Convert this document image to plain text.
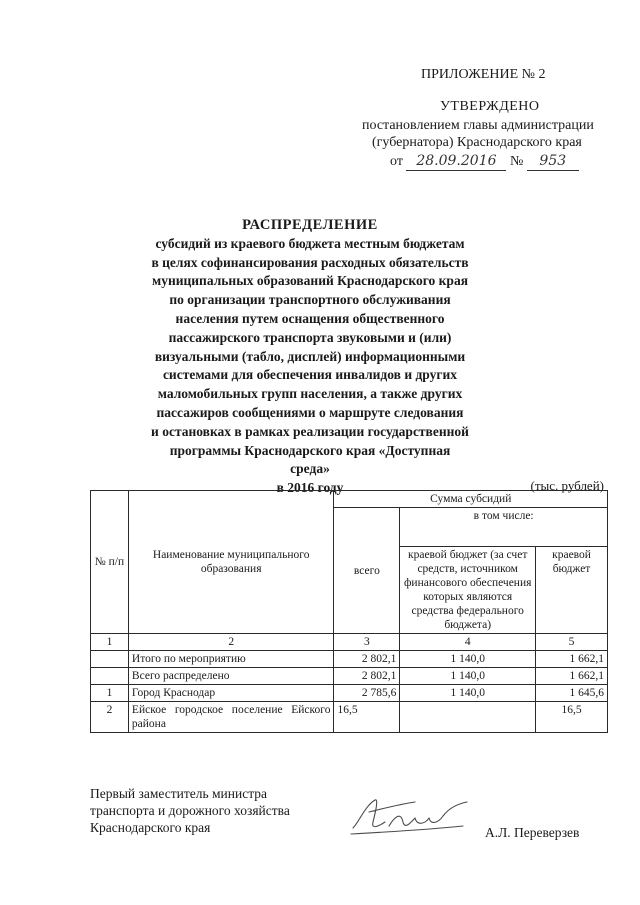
ПРИЛОЖЕНИЕ № 2
УТВЕРЖДЕНО
постановлением главы администрации
(губернатора) Краснодарского края
от 28.09.2016 № 953
РАСПРЕДЕЛЕНИЕ
субсидий из краевого бюджета местным бюджетам
в целях софинансирования расходных обязательств
муниципальных образований Краснодарского края
по организации транспортного обслуживания
населения путем оснащения общественного
пассажирского транспорта звуковыми и (или)
визуальными (табло, дисплей) информационными
системами для обеспечения инвалидов и других
маломобильных групп населения, а также других
пассажиров сообщениями о маршруте следования
и остановках в рамках реализации государственной
программы Краснодарского края «Доступная среда»
в 2016 году	(тыс. рублей)
№ п/п	Наименование муниципального образования	Сумма субсидий		
		всего	в том числе:	
			краевой бюджет (за счет средств, источником финансового обеспечения которых являются средства федерального бюджета)	краевой бюджет
1	2	3	4	5
	Итого по мероприятию	2 802,1	1 140,0	1 662,1
	Всего распределено	2 802,1	1 140,0	1 662,1
1	Город Краснодар	2 785,6	1 140,0	1 645,6
2	Ейское городское поселение Ейского района	16,5		16,5
Первый заместитель министра
транспорта и дорожного хозяйства
Краснодарского края	А.Л. Переверзев
